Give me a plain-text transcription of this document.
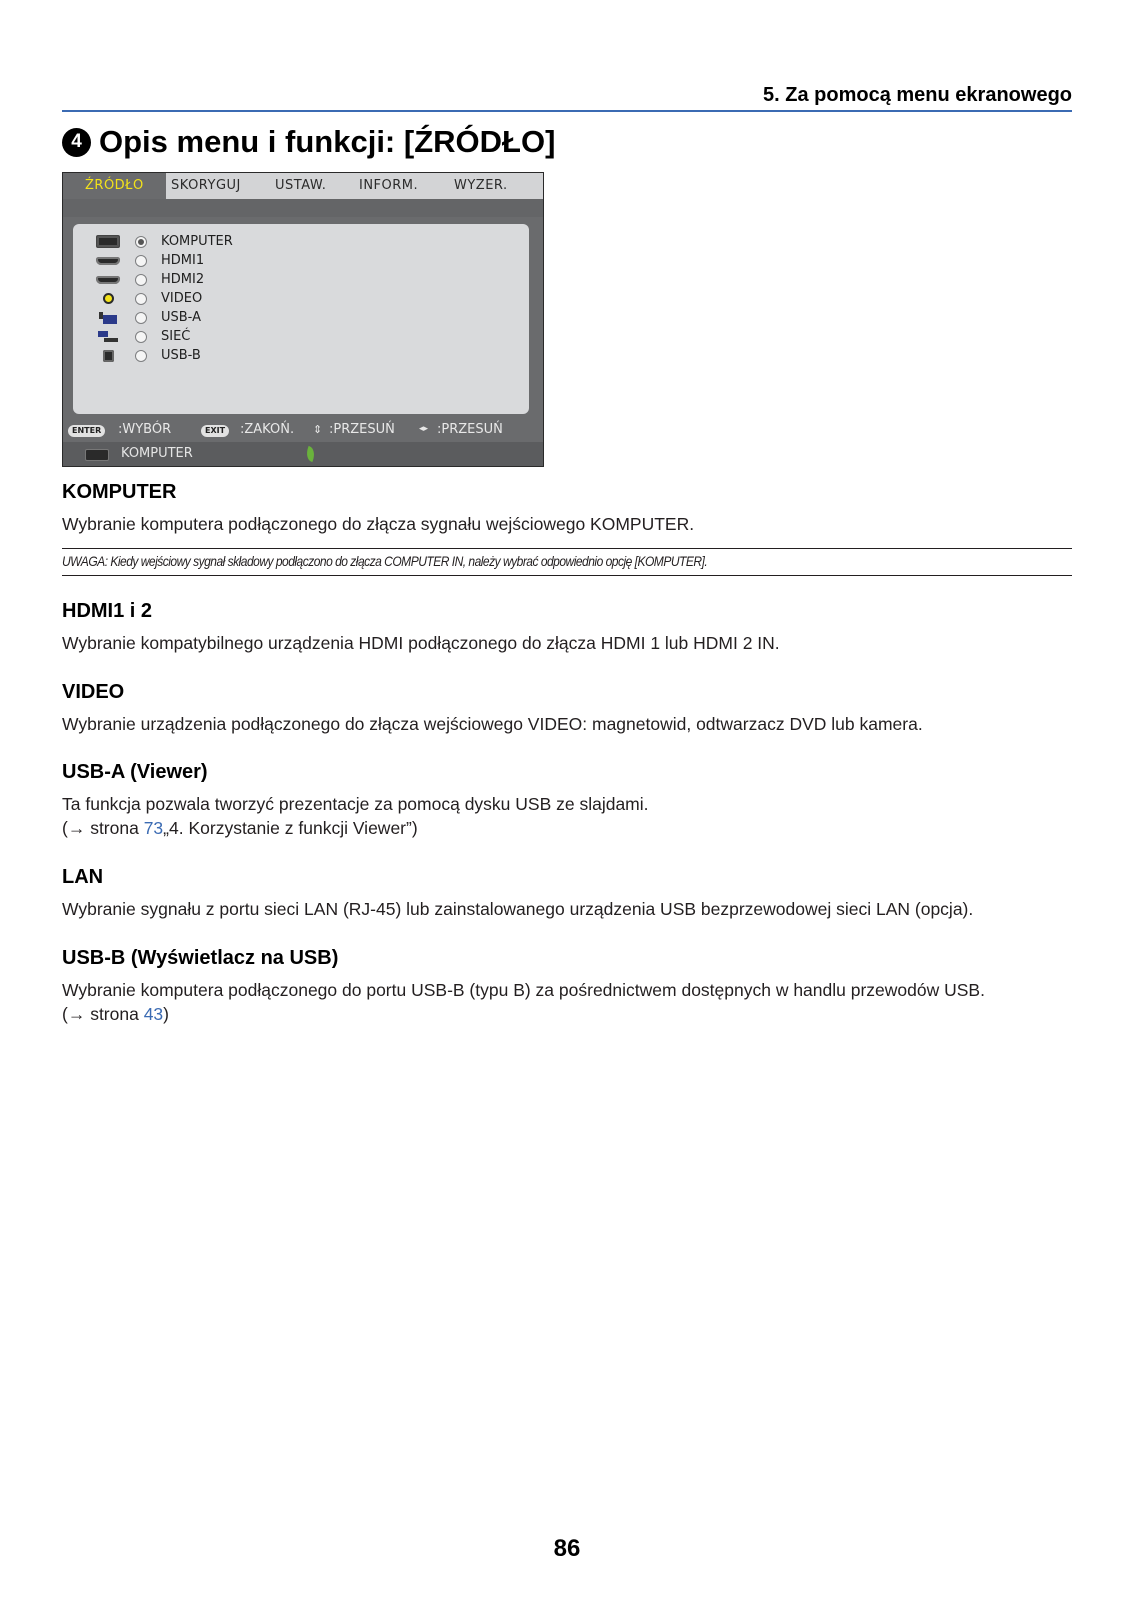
5. Za pomocą menu ekranowego
4 Opis menu i funkcji: [ŹRÓDŁO]
ŹRÓDŁO	SKORYGUJ	USTAW.	INFORM.	WYZER.
KOMPUTER
HDMI1
HDMI2
VIDEO
USB-A
SIEĆ
USB-B
ENTER	:WYBÓR	EXIT	:ZAKOŃ. ⇕ :PRZESUŃ	◂▸ :PRZESUŃ
KOMPUTER
KOMPUTER
Wybranie komputera podłączonego do złącza sygnału wejściowego KOMPUTER.
UWAGA: Kiedy wejściowy sygnał składowy podłączono do złącza COMPUTER IN, należy wybrać odpowiednio opcję [KOMPUTER].
HDMI1 i 2
Wybranie kompatybilnego urządzenia HDMI podłączonego do złącza HDMI 1 lub HDMI 2 IN.
VIDEO
Wybranie urządzenia podłączonego do złącza wejściowego VIDEO: magnetowid, odtwarzacz DVD lub kamera.
USB-A (Viewer)
Ta funkcja pozwala tworzyć prezentacje za pomocą dysku USB ze slajdami.
(→ strona 73„4. Korzystanie z funkcji Viewer”)
LAN
Wybranie sygnału z portu sieci LAN (RJ-45) lub zainstalowanego urządzenia USB bezprzewodowej sieci LAN (opcja).
USB-B (Wyświetlacz na USB)
Wybranie komputera podłączonego do portu USB-B (typu B) za pośrednictwem dostępnych w handlu przewodów USB.
(→ strona 43)
86
